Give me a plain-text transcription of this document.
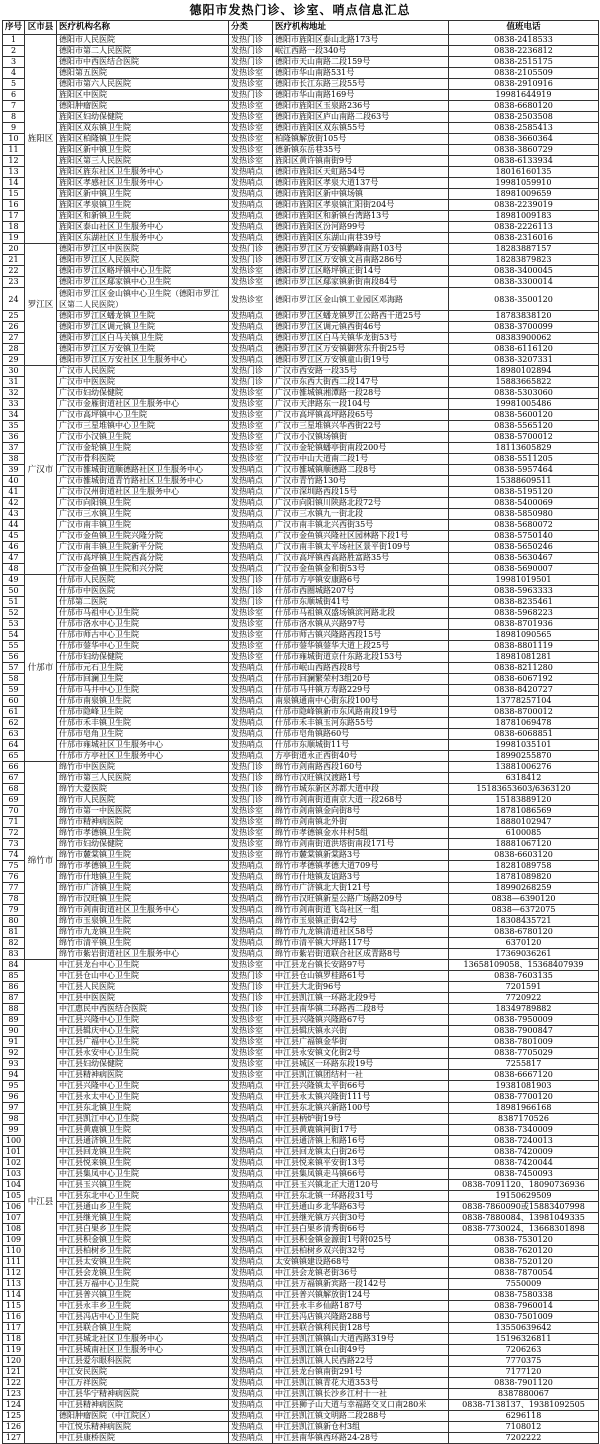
德阳市发热门诊、诊室、哨点信息汇总
序号	区市县	医疗机构名称	分类	医疗机构地址	值班电话
1	旌阳区	德阳市人民医院	发热门诊	德阳市旌阳区泰山北路173号	0838-2418533
2		德阳市第二人民医院	发热门诊	岷江西路一段340号	0838-2236812
3		德阳市中西医结合医院	发热门诊	德阳市天山南路二段159号	0838-2515175
4		德阳第五医院	发热诊室	德阳市华山南路531号	0838-2105509
5		德阳市第六人民医院	发热诊室	德阳市长江东路三段55号	0838-2910916
6		旌阳区中医院	发热门诊	德阳市华山南路169号	19981644919
7		德阳肿瘤医院	发热诊室	德阳市旌阳区玉泉路236号	0838-6680120
8		旌阳区妇幼保健院	发热诊室	德阳市旌阳区庐山南路二段63号	0838-2503508
9		旌阳区双东镇卫生院	发热诊室	德阳市旌阳区双东镇55号	0838-2585413
10		旌阳区柏隆镇卫生院	发热诊室	柏隆镇解放街105号	0838-3660364
11		旌阳区新中镇卫生院	发热诊室	德新镇东岳巷35号	0838-3860729
12		旌阳区第三人民医院	发热诊室	旌阳区黄许镇南街9号	0838-6133934
13		旌阳区旌东社区卫生服务中心	发热哨点	德阳市旌阳区天虹路54号	18016160135
14		旌阳区孝感社区卫生服务中心	发热哨点	德阳市旌阳区孝泉大道137号	19981059910
15		旌阳区新中镇卫生院	发热哨点	德阳市旌阳区新中镇场镇	18981009659
16		旌阳区孝泉镇卫生院	发热哨点	德阳市旌阳区孝泉镇汇阳街204号	0838-2239019
17		旌阳区和新镇卫生院	发热哨点	德阳市旌阳区和新镇台湾路13号	18981009183
18		旌阳区泰山社区卫生服务中心	发热哨点	德阳市旌阳区汾河路99号	0838-2226113
19		旌阳区东湖社区卫生服务中心	发热哨点	德阳市旌阳区东湖山南巷39号	0838-2316016
20	罗江区	德阳市罗江区中医医院	发热门诊	德阳市罗江区万安镇鹳峰南路103号	18283887157
21		德阳市罗江区人民医院	发热门诊	德阳市罗江区万安镇文昌南路286号	18283879823
22		德阳市罗江区略坪镇中心卫生院	发热诊室	德阳市罗江区略坪镇正街14号	0838-3400045
23		德阳市罗江区鄢家镇中心卫生院	发热诊室	德阳市罗江区鄢家镇新街南段84号	0838-3300014
24		德阳市罗江区金山镇中心卫生院（德阳市罗江区第二人民医院）	发热诊室	德阳市罗江区金山镇工业园区邓海路	0838-3500120
25		德阳市罗江区蟠龙镇卫生院	发热哨点	德阳市罗江区蟠龙镇罗江公路西干道25号	18783838120
26		德阳市罗江区调元镇卫生院	发热哨点	德阳市罗江区调元镇西街46号	0838-3700099
27		德阳市罗江区白马关镇卫生院	发热哨点	德阳市罗江区白马关镇华龙街53号	08383900062
28		德阳市罗江区万安镇卫生院	发热哨点	德阳市罗江区万安镇御营东升街25号	0838-6116120
29		德阳市罗江区万安社区卫生服务中心	发热哨点	德阳市罗江区万安镇童山街19号	0838-3207331
30	广汉市	广汉市人民医院	发热门诊	广汉市西安路一段35号	18980102894
31		广汉市中医医院	发热门诊	广汉市东西大街西二段147号	15883665822
32		广汉市妇幼保健院	发热诊室	广汉市雒城镇湘潭路一段28号	0838-5303060
33		广汉市金雁街道社区卫生服务中心	发热诊室	广汉市天津路东一段104号	19981005486
34		广汉市高坪镇中心卫生院	发热诊室	广汉市高坪镇高坪路段65号	0838-5600120
35		广汉市三星堆镇中心卫生院	发热诊室	广汉市三星堆镇兴华西街22号	0838-5565120
36		广汉市小汉镇卫生院	发热诊室	广汉市小汉镇场镇街	0838-5700012
37		广汉市金轮镇卫生院	发热诊室	广汉市金轮镇蟠亭街南段200号	18113605829
38		广汉市骨科医院	发热诊室	广汉市中山大道南二段1号	0838-5511205
39		广汉市雒城街道顺德路社区卫生服务中心	发热哨点	广汉市雒城镇顺德路二段8号	0838-5957464
40		广汉市雒城街道青竹路社区卫生服务中心	发热哨点	广汉市青竹路130号	15388609511
41		广汉市汉州街道社区卫生服务中心	发热哨点	广汉市深圳路西段15号	0838-5195120
42		广汉市向阳镇卫生院	发热哨点	广汉市向阳镇川陕路北段72号	0838-5400069
43		广汉市三水镇卫生院	发热哨点	广汉市三水镇九一街北段	0838-5850980
44		广汉市南丰镇卫生院	发热哨点	广汉市南丰镇北兴西街35号	0838-5680072
45		广汉市金鱼镇卫生院兴隆分院	发热哨点	广汉市金鱼镇兴隆社区园林路下段1号	0838-5750140
46		广汉市南丰镇卫生院新平分院	发热哨点	广汉市南丰镇太平场社区景平街109号	0838-5650246
47		广汉市高坪镇卫生院西高分院	发热哨点	广汉市高坪镇西高路胜富路35号	0838-5630467
48		广汉市金鱼镇卫生院和兴分院	发热哨点	广汉市金鱼镇金和街53号	0838-5690007
49	什邡市	什邡市人民医院	发热门诊	什邡市方亭镇安康路6号	19981019501
50		什邡市中医医院	发热门诊	什邡市西圈城路207号	0838-5963333
51		什邡第二医院	发热门诊	什邡市东顺城街41号	0838-8235461
52		什邡市马祖中心卫生院	发热诊室	什邡市马祖镇双盛场镇滨河路北段	0838-5968223
53		什邡市洛水中心卫生院	发热诊室	什邡市洛水镇从兴路97号	0838-8701936
54		什邡市师古中心卫生院	发热诊室	什邡市师古镇兴隆路西段15号	18981090565
55		什邡市蓥华中心卫生院	发热诊室	什邡市蓥华镇蓥华大道上段25号	0838-8801119
56		什邡市妇幼保健院	发热诊室	什邡市雍城街道京什东路北段153号	18981081281
57		什邡市元石卫生院	发热哨点	什邡市岷山西路西段8号	0838-8211280
58		什邡市回澜卫生院	发热哨点	什邡市回澜繁荣村3组20号	0838-6067192
59		什邡市马井中心卫生院	发热哨点	什邡市马井镇万寿路229号	0838-8420727
60		什邡市南泉镇卫生院	发热哨点	南泉镇通南中心街东段100号	13778257104
61		什邡市隐峰卫生院	发热哨点	什邡市隐峰镇新市东风路南段19号	0838-8700012
62		什邡市禾丰镇卫生院	发热哨点	什邡市禾丰镇玉河东路55号	18781069478
63		什邡市皂角卫生院	发热哨点	什邡市皂角镇路60号	0838-6068851
64		什邡市雍城社区卫生服务中心	发热哨点	什邡市东顺城街11号	19981035101
65		什邡市方亭社区卫生服务中心	发热哨点	方亭街道永正西街40号	18990255870
66	绵竹市	绵竹市中医医院	发热门诊	绵竹市剑南路西段160号	13881006276
67		绵竹市第三人民医院	发热门诊	绵竹市汉旺镇汉渡路1号	6318412
68		绵竹大爱医院	发热门诊	绵竹市城东新区苏都大道中段	15183653603/6363120
69		绵竹市人民医院	发热门诊	绵竹市剑南街道南京大道一段268号	15183889120
70		绵竹市第一中医医院	发热诊室	绵竹市剑南镇金向街8号	18781086569
71		绵竹市精神病医院	发热诊室	绵竹市剑南镇北外街	18880102947
72		绵竹市孝德镇卫生院	发热诊室	绵竹市孝德镇金水井村5组	6100085
73		绵竹市妇幼保健院	发热诊室	绵竹市剑南街道洪塔街南段171号	18881067120
74		绵竹市麓棠镇卫生院	发热诊室	绵竹市麓棠镇新棠路3号	0838-6603120
75		绵竹市孝德镇卫生院	发热哨点	绵竹市孝德镇孝德大道709号	18281089758
76		绵竹市什地镇卫生院	发热哨点	绵竹市什地镇友谊路3号	18781089820
77		绵竹市广济镇卫生院	发热哨点	绵竹市广济镇北大街121号	18990268259
78		绵竹市汉旺镇卫生院	发热哨点	绵竹市汉旺镇新星公路广场路209号	0838—6390120
79		绵竹市剑南街道社区卫生服务中心	发热哨点	绵竹市剑南街道飞岛社区一组	0838—6372075
80		绵竹市玉泉镇卫生院	发热哨点	绵竹市玉泉镇正街42号	18308435721
81		绵竹市九龙镇卫生院	发热哨点	绵竹市九龙镇清道社区58号	0838-6780120
82		绵竹市清平镇卫生院	发热哨点	绵竹市清平镇大坪路117号	6370120
83		绵竹市紫岩街道社区卫生服务中心	发热哨点	绵竹市紫岩街道联合社区成青路8号	17369036261
84	中江县	中江县龙台中心卫生院	发热诊室	中江县龙台镇长安路97号	13658109058、15368407939
85		中江县仓山中心卫生院	发热门诊	中江县仓山镇罗桂路61号	0838-7603135
86		中江县人民医院	发热门诊	中江县大北街96号	7201591
87		中江县中医医院	发热门诊	中江县凯江镇一环路北段9号	7720922
88		中江惠民中西医结合医院	发热门诊	中江县南华镇二环路西二段8号	18349789882
89		中江县兴隆中心卫生院	发热诊室	中江县兴隆镇兴隆路67号	0838-7950009
90		中江县辑庆中心卫生院	发热诊室	中江县辑庆镇永兴街	0838-7900847
91		中江县广福中心卫生院	发热诊室	中江县广福镇金华街	0838-7801009
92		中江县永安中心卫生院	发热诊室	中江县永安镇文化街2号	0838-7705029
93		中江县妇幼保健院	发热诊室	中江县城区一环路东段19号	7255817
94		中江县精神病医院	发热诊室	中江县凯江镇团结村一社	0838-6667120
95		中江县兴隆中心卫生院	发热哨点	中江县兴隆镇太平街66号	19381081903
96		中江县永太中心卫生院	发热哨点	中江县永太镇兴隆街111号	0838-7700120
97		中江县东北镇卫生院	发热哨点	中江县东北镇兴新路100号	18981966168
98		中江县凯江中心卫生院	发热哨点	中江县柄炉街19号	8387170526
99		中江县黄鹿镇卫生院	发热哨点	中江县黄鹿镇河街17号	0838-7340009
100		中江县通济镇卫生院	发热哨点	中江县通济镇上和路16号	0838-7240013
101		中江县回龙镇卫生院	发热哨点	中江县回龙镇太白街26号	0838-7420009
102		中江县悦来镇卫生院	发热哨点	中江县悦来镇平安街13号	0838-7420044
103		中江县集凤中心卫生院	发热哨点	中江县集凤镇走马镇66号	0838-7450093
104		中江县玉兴镇卫生院	发热哨点	中江县玉兴镇北正大道120号	0838-7091120、18090736936
105		中江县东北中心卫生院	发热哨点	中江县东北镇一环路段31号	19150629509
106		中江县通山乡卫生院	发热哨点	中江县通山乡北华路63号	0838-7860090或15883407998
107		中江县继光镇卫生院	发热哨点	中江县继光镇万兴街30号	0838-7880084、13981049335
108		中江县白果乡卫生院	发热哨点	中江县白果乡清秀街66号	0838-7730024、13668301898
109		中江县积金镇卫生院	发热哨点	中江县积金镇金源街1号附025号	0838-7530120
110		中江县柏树乡卫生院	发热哨点	中江县柏树乡双兴街32号	0838-7620120
111		中江县太安镇卫生院	发热哨点	太安镇镇建设路68号	0838-7520120
112		中江县会龙镇卫生院	发热哨点	中江县会龙镇老街36号	0838-7870054
113		中江县万福中心卫生院	发热哨点	中江县万福镇新宾路一段142号	7550009
114		中江县普兴镇卫生院	发热哨点	中江县普兴镇解放街124号	0838-7580338
115		中江县永丰乡卫生院	发热哨点	中江县永丰乡仙路187号	0838-7960014
116		中江县冯店中心卫生院	发热哨点	中江县冯店镇兴隆路288号	0830-7501009
117		中江县联合镇卫生院	发热哨点	中江县联合镇利民街128号	13550639642
118		中江县城北社区卫生服务中心	发热哨点	中江县凯江镇镇山大道西路319号	15196326811
119		中江县城南社区卫生服务中心	发热哨点	中江县凯江镇仓山街49号	7206263
120		中江县爱尔眼科医院	发热哨点	中江县凯江镇人民西路22号	7770375
121		中江安民医院	发热哨点	中江县龙台镇南街291号	7177120
122		中江万祥医院	发热哨点	中江县凯江镇青花大道353号	0838-7901120
123		中江县华宁精神病医院	发热哨点	中江县凯江镇长沙乡江村十一社	8387880067
124		中江县精神病医院	发热哨点	中江县狮子山大道与幸福路交叉口南280米	0838-7138137、19381092505
125		德阳肿瘤医院（中江院区）	发热哨点	中江县凯江镇文明路二段288号	6296118
126		中江悦乐精神病医院	发热哨点	中江县凯江镇新仓村3组	7108012
127		中江县康桥医院	发热哨点	中江县南华镇西环路24-28号	7202222
